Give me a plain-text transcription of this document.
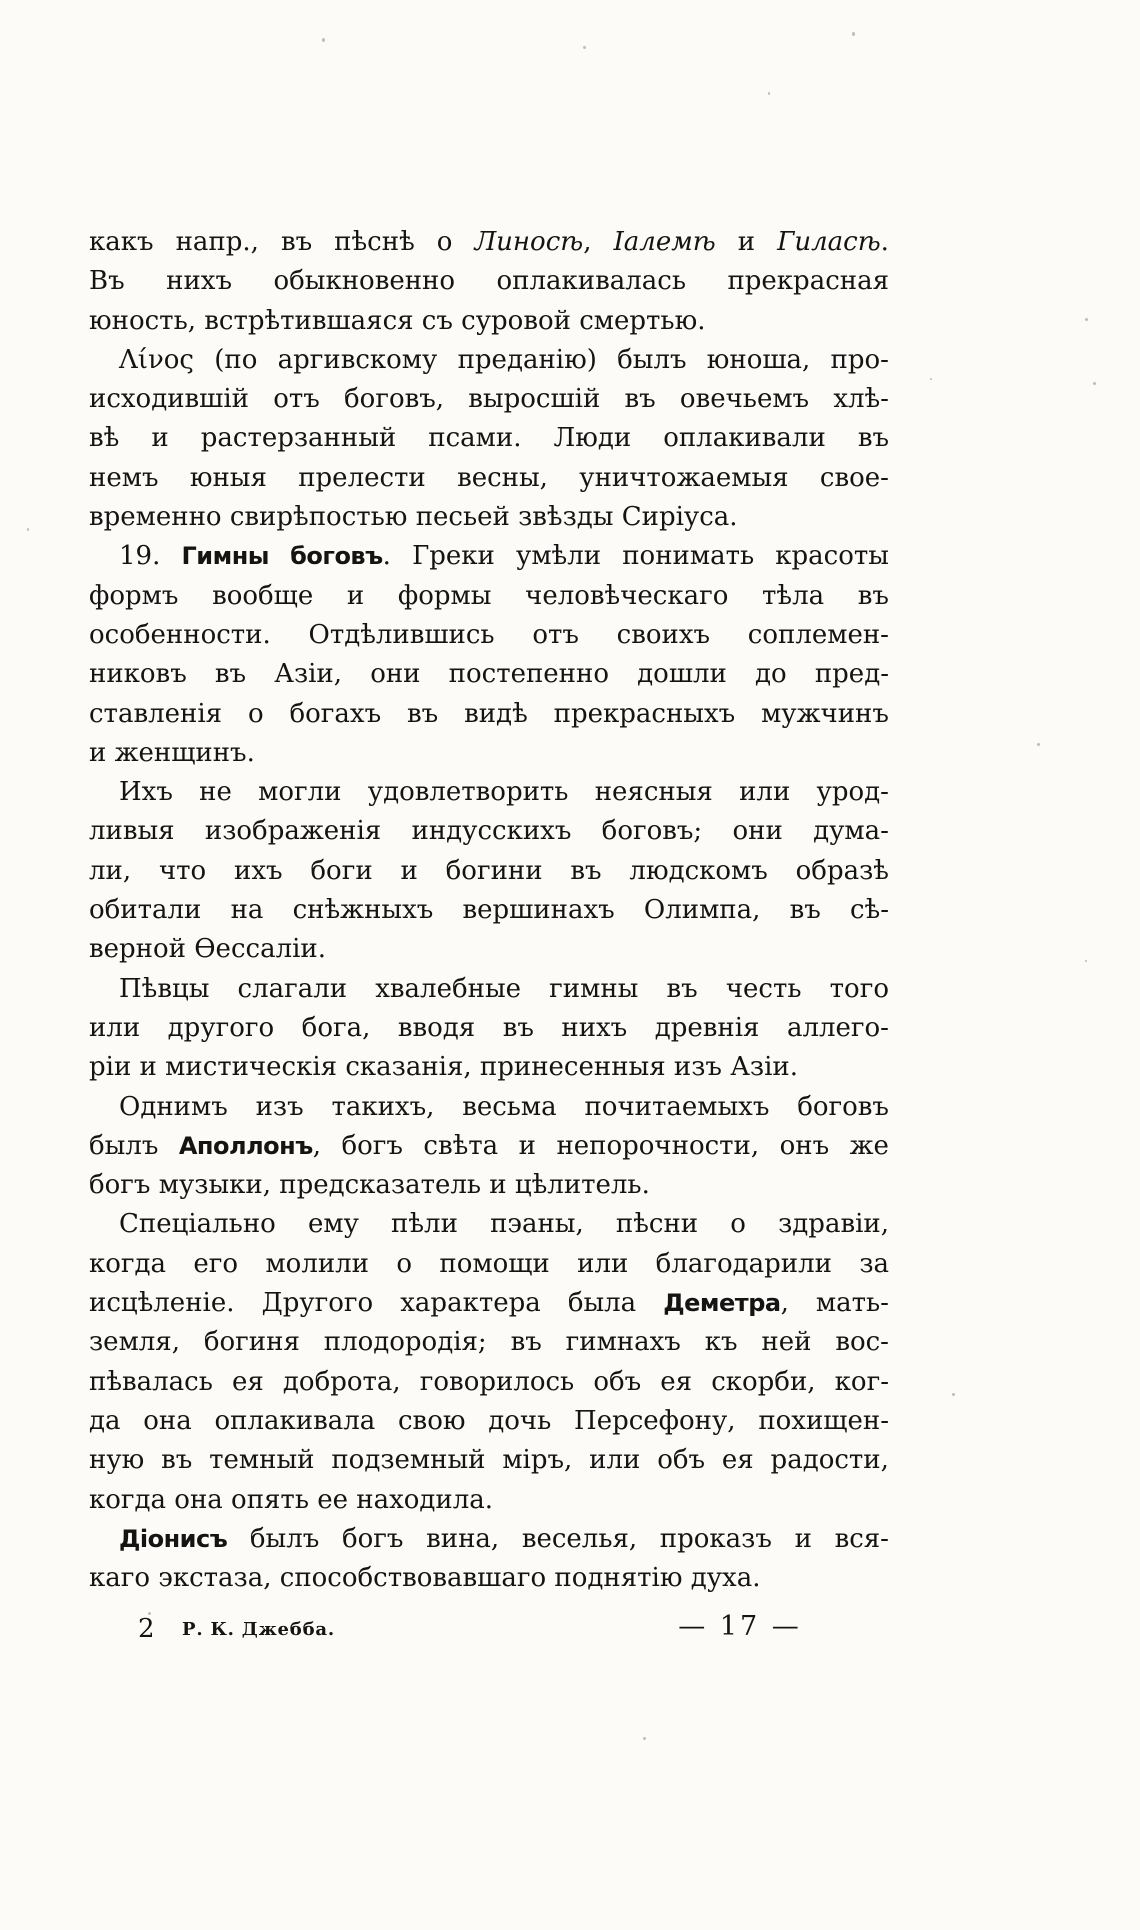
какъ напр., въ пѣснѣ о Линосѣ, Іалемѣ и Гиласѣ.
Въ нихъ обыкновенно оплакивалась прекрасная
юность, встрѣтившаяся съ суровой смертью.
Λίνος (по аргивскому преданію) былъ юноша, про-
исходившій отъ боговъ, выросшій въ овечьемъ хлѣ-
вѣ и растерзанный псами. Люди оплакивали въ
немъ юныя прелести весны, уничтожаемыя свое-
временно свирѣпостью песьей звѣзды Сиріуса.
19. Гимны боговъ. Греки умѣли понимать красоты
формъ вообще и формы человѣческаго тѣла въ
особенности. Отдѣлившись отъ своихъ соплемен-
никовъ въ Азіи, они постепенно дошли до пред-
ставленія о богахъ въ видѣ прекрасныхъ мужчинъ
и женщинъ.
Ихъ не могли удовлетворить неясныя или урод-
ливыя изображенія индусскихъ боговъ; они дума-
ли, что ихъ боги и богини въ людскомъ образѣ
обитали на снѣжныхъ вершинахъ Олимпа, въ сѣ-
верной Ѳессаліи.
Пѣвцы слагали хвалебные гимны въ честь того
или другого бога, вводя въ нихъ древнія аллего-
ріи и мистическія сказанія, принесенныя изъ Азіи.
Однимъ изъ такихъ, весьма почитаемыхъ боговъ
былъ Аполлонъ, богъ свѣта и непорочности, онъ же
богъ музыки, предсказатель и цѣлитель.
Спеціально ему пѣли пэаны, пѣсни о здравіи,
когда его молили о помощи или благодарили за
исцѣленіе. Другого характера была Деметра, мать-
земля, богиня плодородія; въ гимнахъ къ ней вос-
пѣвалась ея доброта, говорилось объ ея скорби, ког-
да она оплакивала свою дочь Персефону, похищен-
ную въ темный подземный міръ, или объ ея радости,
когда она опять ее находила.
Діонисъ былъ богъ вина, веселья, проказъ и вся-
каго экстаза, способствовавшаго поднятію духа.
2 Р. К. Джебба.	— 17 —
